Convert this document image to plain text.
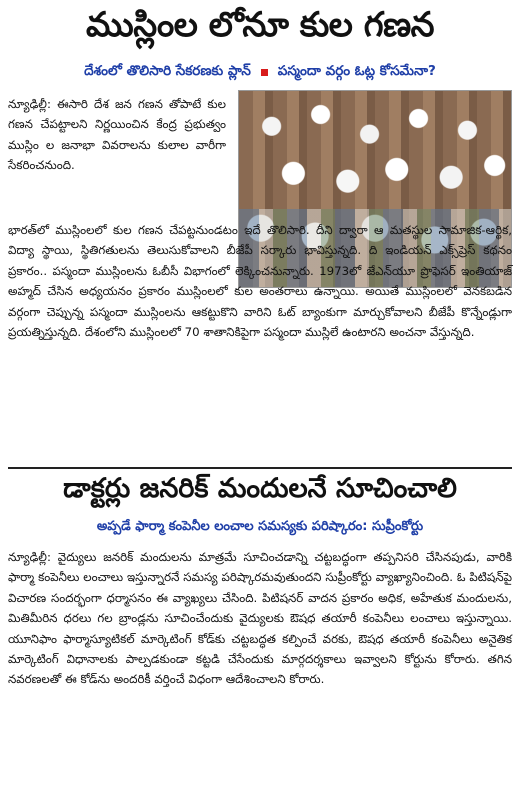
ముస్లింల లోనూ కుల గణన
దేశంలో తొలిసారి సేకరణకు ప్లాన్ పస్మందా వర్గం ఓట్ల కోసమేనా?

న్యూఢిల్లీ: ఈసారి దేశ జన గణన తోపాటే కుల గణన చేపట్టాలని నిర్ణయించిన కేంద్ర ప్రభుత్వం ముస్లిం ల జనాభా వివరాలను కులాల వారీగా సేకరించనుంది.

భారత్‌లో ముస్లింలలో కుల గణన చేపట్టనుండటం ఇదే తొలిసారి. దీని ద్వారా ఆ మతస్థుల సామాజిక-ఆర్థిక, విద్యా స్థాయి, స్థితిగతులను తెలుసుకోవాలని బీజేపీ సర్కారు భావిస్తున్నది. ది ఇండియన్ ఎక్స్‌ప్రెస్ కథనం ప్రకారం.. పస్మందా ముస్లింలను ఓబీసీ విభాగంలో లెక్కించనున్నారు. 1973లో జేఎన్‌యూ ప్రొఫెసర్ ఇంతియాజ్ అహ్మద్ చేసిన అధ్యయనం ప్రకారం ముస్లింలలో కుల అంతరాలు ఉన్నాయి. అయితే ముస్లింలలో వెనకబడిన వర్గంగా చెప్పున్న పస్మందా ముస్లింలను ఆకట్టుకొని వారిని ఓట్ బ్యాంకుగా మార్చుకోవాలని బీజేపీ కొన్నేండ్లుగా ప్రయత్నిస్తున్నది. దేశంలోని ముస్లింలలో 70 శాతానికిపైగా పస్మందా ముస్లిలే ఉంటారని అంచనా వేస్తున్నది.

డాక్టర్లు జనరిక్ మందులనే సూచించాలి
అప్పడే ఫార్మా కంపెనీల లంచాల సమస్యకు పరిష్కారం: సుప్రీంకోర్టు

న్యూఢిల్లీ: వైద్యులు జనరిక్ మందులను మాత్రమే సూచించడాన్ని చట్టబద్ధంగా తప్పనిసరి చేసినపుడు, వారికి ఫార్మా కంపెనీలు లంచాలు ఇస్తున్నారనే సమస్య పరిష్కారమవుతుందని సుప్రీంకోర్టు వ్యాఖ్యానించింది. ఓ పిటిషన్‌పై విచారణ సందర్భంగా ధర్మాసనం ఈ వ్యాఖ్యలు చేసింది. పిటిషనర్ వాదన ప్రకారం అధిక, అహేతుక మందులను, మితిమీరిన ధరలు గల బ్రాండ్లను సూచించేందుకు వైద్యులకు ఔషధ తయారీ కంపెనీలు లంచాలు ఇస్తున్నాయి. యూనిఫాం ఫార్మాస్యూటికల్ మార్కెటింగ్ కోడ్‌కు చట్టబద్ధత కల్పించే వరకు, ఔషధ తయారీ కంపెనీలు అనైతిక మార్కెటింగ్ విధానాలకు పాల్పడకుండా కట్టడి చేసేందుకు మార్గదర్శకాలు ఇవ్వాలని కోర్టును కోరారు. తగిన నవరణలతో ఈ కోడ్‌ను అందరికీ వర్తించే విధంగా ఆదేశించాలని కోరారు.
